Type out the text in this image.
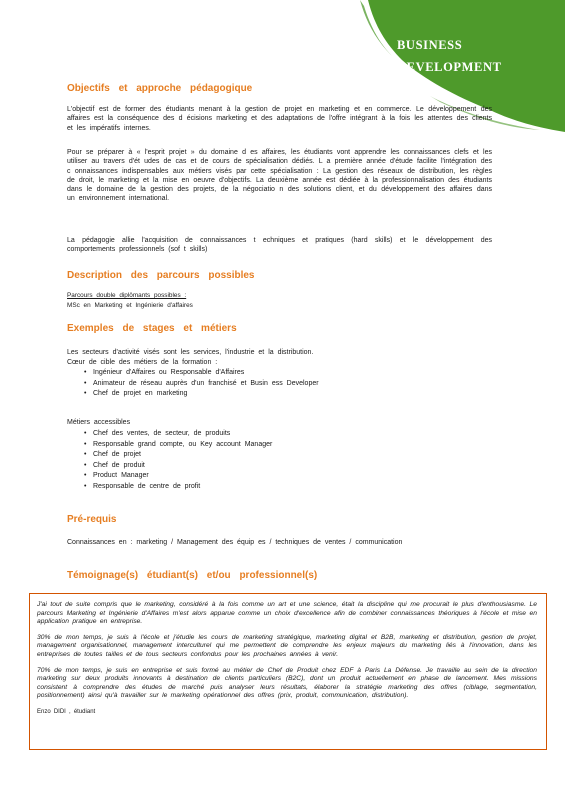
BUSINESS
DEVELOPMENT
Objectifs et approche pédagogique

L'objectif est de former des étudiants menant à la gestion de projet en marketing et en commerce. Le développement des affaires est la conséquence des d écisions marketing et des adaptations de l'offre intégrant à la fois les attentes des clients et les impératifs internes.

Pour se préparer à « l'esprit projet » du domaine d es affaires, les étudiants vont apprendre les connaissances clefs et les utiliser au travers d'ét udes de cas et de cours de spécialisation dédiés. L a première année d'étude facilite l'intégration des c onnaissances indispensables aux métiers visés par cette spécialisation : La gestion des réseaux de distribution, les règles de droit, le marketing et la mise en oeuvre d'objectifs. La deuxième année est dédiée à la professionnalisation des étudiants dans le domaine de la gestion des projets, de la négociatio n des solutions client, et du développement des affaires dans un environnement international.

La pédagogie allie l'acquisition de connaissances t echniques et pratiques (hard skills) et le développement des comportements professionnels (sof t skills)

Description des parcours possibles

Parcours double diplômants possibles :

MSc en Marketing et Ingénierie d'affaires

Exemples de stages et métiers

Les secteurs d'activité visés sont les services, l'industrie et la distribution.

Cœur de cible des métiers de la formation :

• Ingénieur d'Affaires ou Responsable d'Affaires
• Animateur de réseau auprès d'un franchisé et Busin ess Developer
• Chef de projet en marketing

Métiers accessibles

• Chef des ventes, de secteur, de produits
• Responsable grand compte, ou Key account Manager
• Chef de projet
• Chef de produit
• Product Manager
• Responsable de centre de profit
Pré-requis

Connaissances en : marketing / Management des équip es / techniques de ventes / communication

Témoignage(s) étudiant(s) et/ou professionnel(s)

J'ai tout de suite compris que le marketing, considéré à la fois comme un art et une science, était la discipline qui me procurait le plus d'enthousiasme. Le parcours Marketing et Ingénierie d'Affaires m'est alors apparue comme un choix d'excellence afin de combiner connaissances théoriques à l'école et mise en application pratique en entreprise.

30% de mon temps, je suis à l'école et j'étudie les cours de marketing stratégique, marketing digital et B2B, marketing et distribution, gestion de projet, management organisationnel, management interculturel qui me permettent de comprendre les enjeux majeurs du marketing liés à l'innovation, dans les entreprises de toutes tailles et de tous secteurs confondus pour les prochaines années à venir.

70% de mon temps, je suis en entreprise et suis formé au métier de Chef de Produit chez EDF à Paris La Défense. Je travaille au sein de la direction marketing sur deux produits innovants à destination de clients particuliers (B2C), dont un produit actuellement en phase de lancement. Mes missions consistent à comprendre des études de marché puis analyser leurs résultats, élaborer la stratégie marketing des offres (ciblage, segmentation, positionnement) ainsi qu'à travailler sur le marketing opérationnel des offres (prix, produit, communication, distribution).

Enzo DIDI , étudiant
